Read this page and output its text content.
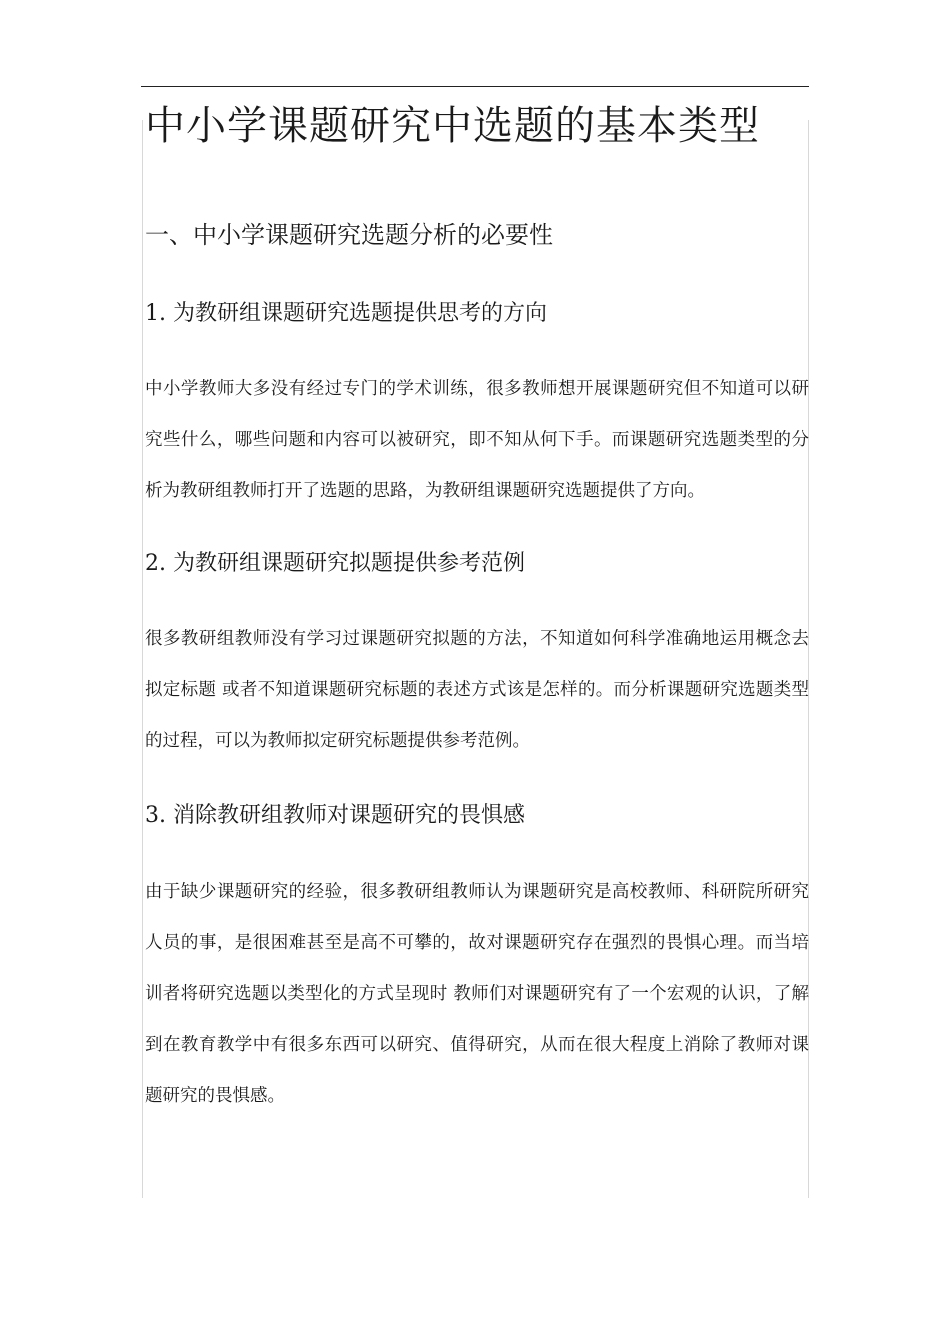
中小学课题研究中选题的基本类型
一、中小学课题研究选题分析的必要性
1. 为教研组课题研究选题提供思考的方向

中小学教师大多没有经过专门的学术训练，很多教师想开展课题研究但不知道可以研究些什么，哪些问题和内容可以被研究，即不知从何下手。而课题研究选题类型的分析为教研组教师打开了选题的思路，为教研组课题研究选题提供了方向。

2. 为教研组课题研究拟题提供参考范例

很多教研组教师没有学习过课题研究拟题的方法，不知道如何科学准确地运用概念去拟定标题 或者不知道课题研究标题的表述方式该是怎样的。而分析课题研究选题类型的过程，可以为教师拟定研究标题提供参考范例。

3. 消除教研组教师对课题研究的畏惧感

由于缺少课题研究的经验，很多教研组教师认为课题研究是高校教师、科研院所研究人员的事，是很困难甚至是高不可攀的，故对课题研究存在强烈的畏惧心理。而当培训者将研究选题以类型化的方式呈现时 教师们对课题研究有了一个宏观的认识，了解到在教育教学中有很多东西可以研究、值得研究，从而在很大程度上消除了教师对课题研究的畏惧感。
